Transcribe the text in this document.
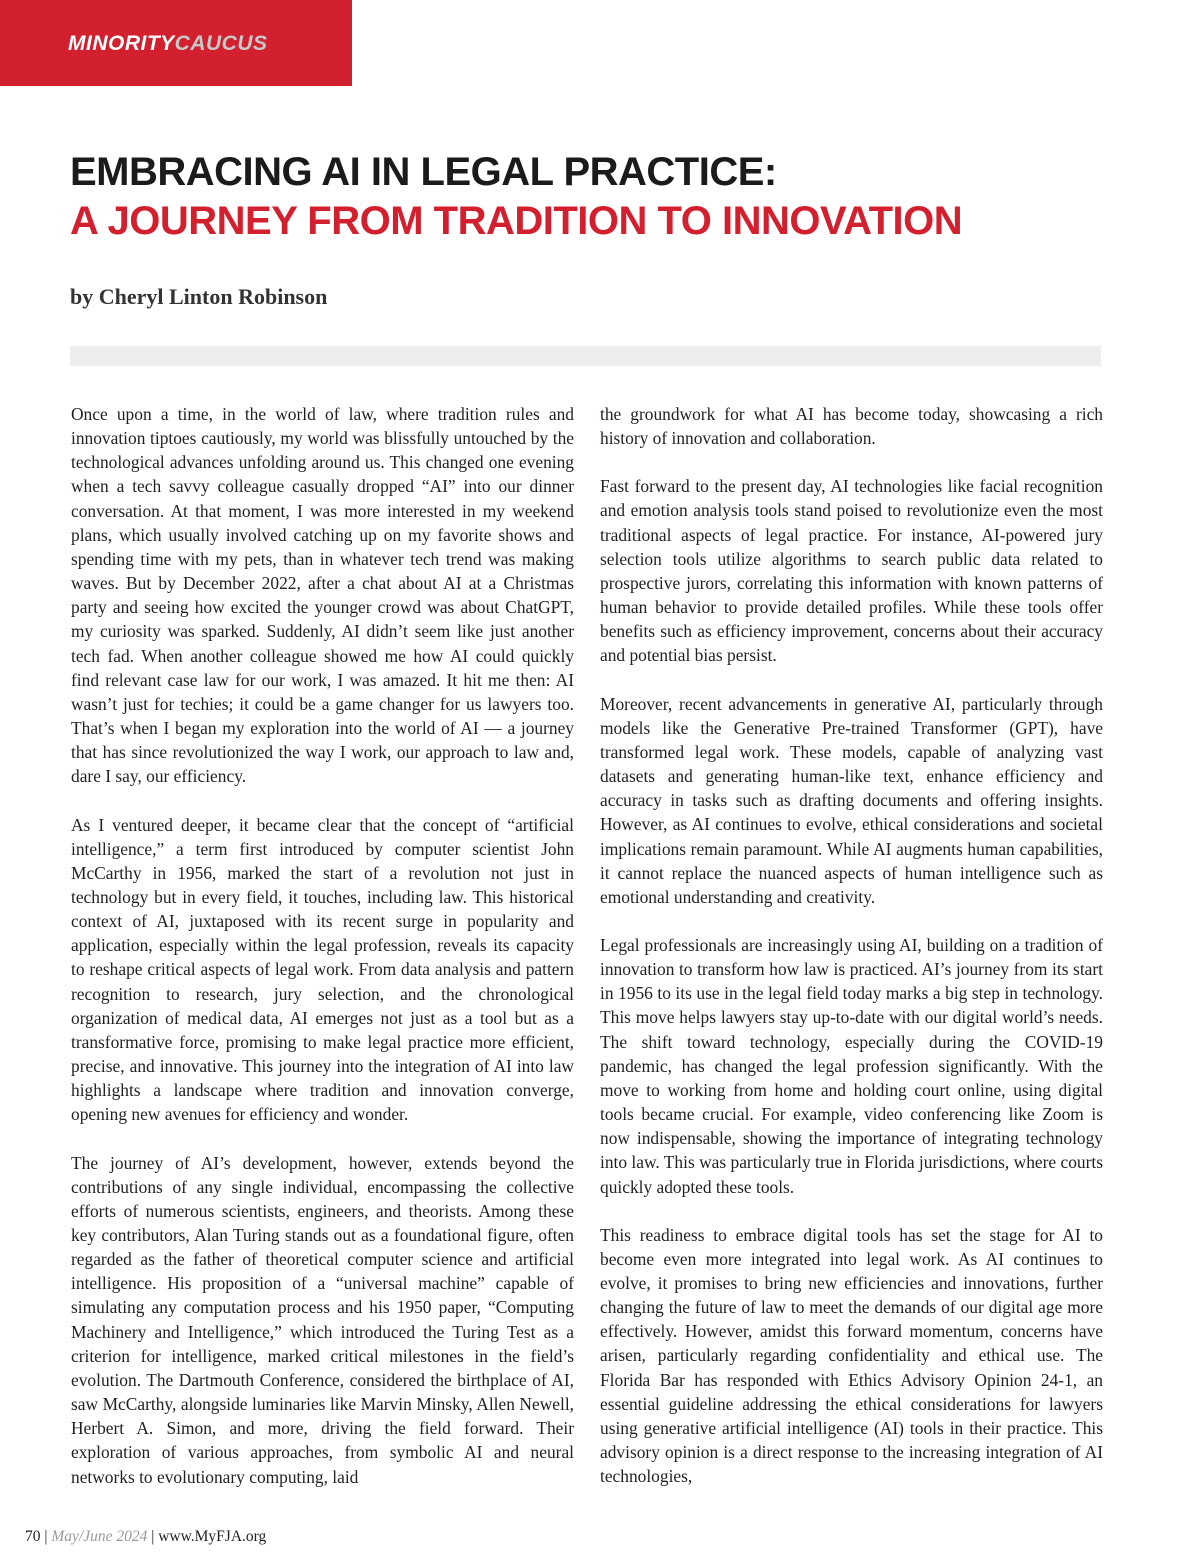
MINORITYCAUCUS
EMBRACING AI IN LEGAL PRACTICE:
A JOURNEY FROM TRADITION TO INNOVATION
by Cheryl Linton Robinson

Once upon a time, in the world of law, where tradition rules and innovation tiptoes cautiously, my world was blissfully untouched by the technological advances unfolding around us. This changed one evening when a tech savvy colleague casually dropped “AI” into our dinner conversation. At that moment, I was more interested in my weekend plans, which usually involved catching up on my favorite shows and spending time with my pets, than in whatever tech trend was making waves. But by December 2022, after a chat about AI at a Christmas party and seeing how excited the younger crowd was about ChatGPT, my curiosity was sparked. Suddenly, AI didn’t seem like just another tech fad. When another colleague showed me how AI could quickly find relevant case law for our work, I was amazed. It hit me then: AI wasn’t just for techies; it could be a game changer for us lawyers too. That’s when I began my exploration into the world of AI — a journey that has since revolutionized the way I work, our approach to law and, dare I say, our efficiency.

As I ventured deeper, it became clear that the concept of “artificial intelligence,” a term first introduced by computer scientist John McCarthy in 1956, marked the start of a revolution not just in technology but in every field, it touches, including law. This historical context of AI, juxtaposed with its recent surge in popularity and application, especially within the legal profession, reveals its capacity to reshape critical aspects of legal work. From data analysis and pattern recognition to research, jury selection, and the chronological organization of medical data, AI emerges not just as a tool but as a transformative force, promising to make legal practice more efficient, precise, and innovative. This journey into the integration of AI into law highlights a landscape where tradition and innovation converge, opening new avenues for efficiency and wonder.

The journey of AI’s development, however, extends beyond the contributions of any single individual, encompassing the collective efforts of numerous scientists, engineers, and theorists. Among these key contributors, Alan Turing stands out as a foundational figure, often regarded as the father of theoretical computer science and artificial intelligence. His proposition of a “universal machine” capable of simulating any computation process and his 1950 paper, “Computing Machinery and Intelligence,” which introduced the Turing Test as a criterion for intelligence, marked critical milestones in the field’s evolution. The Dartmouth Conference, considered the birthplace of AI, saw McCarthy, alongside luminaries like Marvin Minsky, Allen Newell, Herbert A. Simon, and more, driving the field forward. Their exploration of various approaches, from symbolic AI and neural networks to evolutionary computing, laid

the groundwork for what AI has become today, showcasing a rich history of innovation and collaboration.

Fast forward to the present day, AI technologies like facial recognition and emotion analysis tools stand poised to revolutionize even the most traditional aspects of legal practice. For instance, AI-powered jury selection tools utilize algorithms to search public data related to prospective jurors, correlating this information with known patterns of human behavior to provide detailed profiles. While these tools offer benefits such as efficiency improvement, concerns about their accuracy and potential bias persist.

Moreover, recent advancements in generative AI, particularly through models like the Generative Pre-trained Transformer (GPT), have transformed legal work. These models, capable of analyzing vast datasets and generating human-like text, enhance efficiency and accuracy in tasks such as drafting documents and offering insights. However, as AI continues to evolve, ethical considerations and societal implications remain paramount. While AI augments human capabilities, it cannot replace the nuanced aspects of human intelligence such as emotional understanding and creativity.

Legal professionals are increasingly using AI, building on a tradition of innovation to transform how law is practiced. AI’s journey from its start in 1956 to its use in the legal field today marks a big step in technology. This move helps lawyers stay up-to-date with our digital world’s needs. The shift toward technology, especially during the COVID-19 pandemic, has changed the legal profession significantly. With the move to working from home and holding court online, using digital tools became crucial. For example, video conferencing like Zoom is now indispensable, showing the importance of integrating technology into law. This was particularly true in Florida jurisdictions, where courts quickly adopted these tools.

This readiness to embrace digital tools has set the stage for AI to become even more integrated into legal work. As AI continues to evolve, it promises to bring new efficiencies and innovations, further changing the future of law to meet the demands of our digital age more effectively. However, amidst this forward momentum, concerns have arisen, particularly regarding confidentiality and ethical use. The Florida Bar has responded with Ethics Advisory Opinion 24-1, an essential guideline addressing the ethical considerations for lawyers using generative artificial intelligence (AI) tools in their practice. This advisory opinion is a direct response to the increasing integration of AI technologies,

70 | May/June 2024 | www.MyFJA.org
